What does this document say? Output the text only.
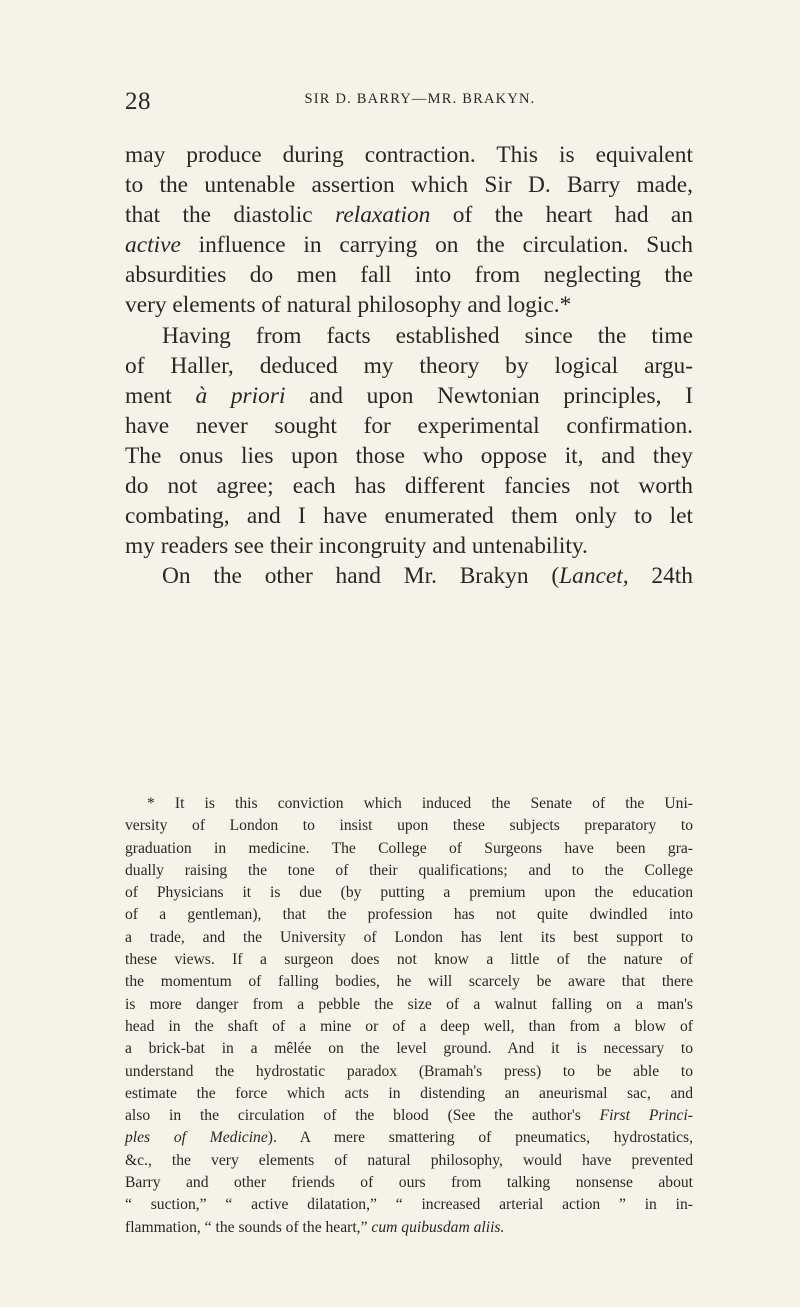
28	SIR D. BARRY—MR. BRAKYN.
may produce during contraction. This is equivalent
to the untenable assertion which Sir D. Barry made,
that the diastolic relaxation of the heart had an
active influence in carrying on the circulation. Such
absurdities do men fall into from neglecting the
very elements of natural philosophy and logic.*
Having from facts established since the time
of Haller, deduced my theory by logical argu-
ment à priori and upon Newtonian principles, I
have never sought for experimental confirmation.
The onus lies upon those who oppose it, and they
do not agree; each has different fancies not worth
combating, and I have enumerated them only to let
my readers see their incongruity and untenability.
On the other hand Mr. Brakyn (Lancet, 24th
* It is this conviction which induced the Senate of the Uni-
versity of London to insist upon these subjects preparatory to
graduation in medicine. The College of Surgeons have been gra-
dually raising the tone of their qualifications; and to the College
of Physicians it is due (by putting a premium upon the education
of a gentleman), that the profession has not quite dwindled into
a trade, and the University of London has lent its best support to
these views. If a surgeon does not know a little of the nature of
the momentum of falling bodies, he will scarcely be aware that there
is more danger from a pebble the size of a walnut falling on a man's
head in the shaft of a mine or of a deep well, than from a blow of
a brick-bat in a mêlée on the level ground. And it is necessary to
understand the hydrostatic paradox (Bramah's press) to be able to
estimate the force which acts in distending an aneurismal sac, and
also in the circulation of the blood (See the author's First Princi-
ples of Medicine). A mere smattering of pneumatics, hydrostatics,
&c., the very elements of natural philosophy, would have prevented
Barry and other friends of ours from talking nonsense about
“ suction,” “ active dilatation,” “ increased arterial action ” in in-
flammation, “ the sounds of the heart,” cum quibusdam aliis.
